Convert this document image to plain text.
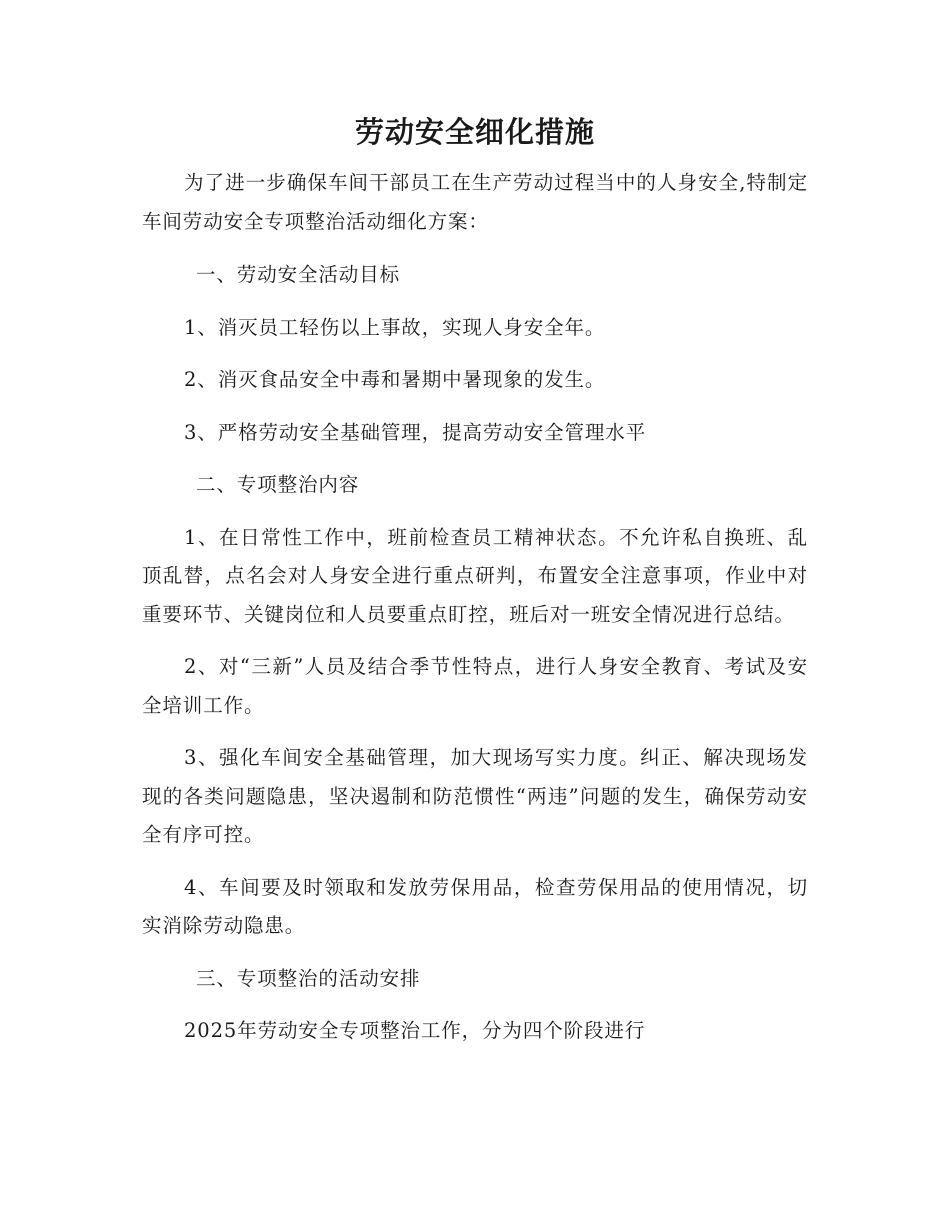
劳动安全细化措施

为了进一步确保车间干部员工在生产劳动过程当中的人身安全,特制定车间劳动安全专项整治活动细化方案：

一、劳动安全活动目标

1、消灭员工轻伤以上事故，实现人身安全年。

2、消灭食品安全中毒和暑期中暑现象的发生。

3、严格劳动安全基础管理，提高劳动安全管理水平

二、专项整治内容

1、在日常性工作中，班前检查员工精神状态。不允许私自换班、乱顶乱替，点名会对人身安全进行重点研判，布置安全注意事项，作业中对重要环节、关键岗位和人员要重点盯控，班后对一班安全情况进行总结。

2、对“三新”人员及结合季节性特点，进行人身安全教育、考试及安全培训工作。

3、强化车间安全基础管理，加大现场写实力度。纠正、解决现场发现的各类问题隐患，坚决遏制和防范惯性“两违”问题的发生，确保劳动安全有序可控。

4、车间要及时领取和发放劳保用品，检查劳保用品的使用情况，切实消除劳动隐患。

三、专项整治的活动安排

2025年劳动安全专项整治工作，分为四个阶段进行
